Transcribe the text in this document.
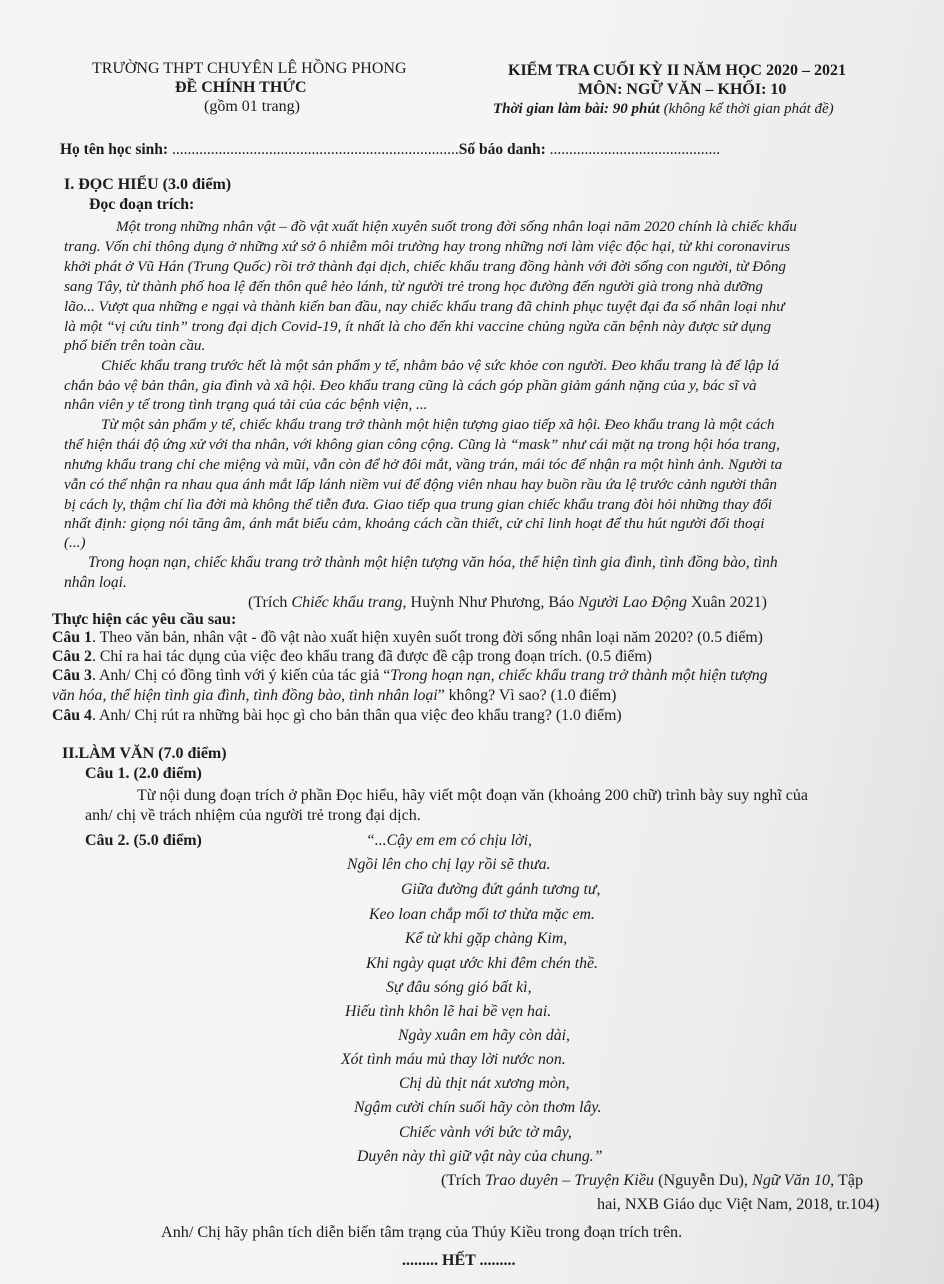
TRƯỜNG THPT CHUYÊN LÊ HỒNG PHONG
ĐỀ CHÍNH THỨC
(gồm 01 trang)
KIỂM TRA CUỐI KỲ II NĂM HỌC 2020 – 2021
MÔN: NGỮ VĂN – KHỐI: 10
Thời gian làm bài: 90 phút (không kể thời gian phát đề)
Họ tên học sinh: ..........................................................................Số báo danh: ............................................
I. ĐỌC HIỂU (3.0 điểm)
Đọc đoạn trích:
Một trong những nhân vật – đồ vật xuất hiện xuyên suốt trong đời sống nhân loại năm 2020 chính là chiếc khẩu
trang. Vốn chỉ thông dụng ở những xứ sở ô nhiễm môi trường hay trong những nơi làm việc độc hại, từ khi coronavirus
khởi phát ở Vũ Hán (Trung Quốc) rồi trở thành đại dịch, chiếc khẩu trang đồng hành với đời sống con người, từ Đông
sang Tây, từ thành phố hoa lệ đến thôn quê hẻo lánh, từ người trẻ trong học đường đến người già trong nhà dưỡng
lão... Vượt qua những e ngại và thành kiến ban đầu, nay chiếc khẩu trang đã chinh phục tuyệt đại đa số nhân loại như
là một “vị cứu tinh” trong đại dịch Covid-19, ít nhất là cho đến khi vaccine chủng ngừa căn bệnh này được sử dụng
phổ biến trên toàn cầu.
Chiếc khẩu trang trước hết là một sản phẩm y tế, nhằm bảo vệ sức khỏe con người. Đeo khẩu trang là để lập lá
chắn bảo vệ bản thân, gia đình và xã hội. Đeo khẩu trang cũng là cách góp phần giảm gánh nặng của y, bác sĩ và
nhân viên y tế trong tình trạng quá tải của các bệnh viện, ...
Từ một sản phẩm y tế, chiếc khẩu trang trở thành một hiện tượng giao tiếp xã hội. Đeo khẩu trang là một cách
thể hiện thái độ ứng xử với tha nhân, với không gian công cộng. Cũng là “mask” như cái mặt nạ trong hội hóa trang,
nhưng khẩu trang chỉ che miệng và mũi, vẫn còn để hở đôi mắt, vầng trán, mái tóc để nhận ra một hình ảnh. Người ta
vẫn có thể nhận ra nhau qua ánh mắt lấp lánh niềm vui để động viên nhau hay buồn rầu ứa lệ trước cảnh người thân
bị cách ly, thậm chí lìa đời mà không thể tiễn đưa. Giao tiếp qua trung gian chiếc khẩu trang đòi hỏi những thay đổi
nhất định: giọng nói tăng âm, ánh mắt biểu cảm, khoảng cách cần thiết, cử chỉ linh hoạt để thu hút người đối thoại
(...)
Trong hoạn nạn, chiếc khẩu trang trở thành một hiện tượng văn hóa, thể hiện tình gia đình, tình đồng bào, tình
nhân loại.
(Trích Chiếc khẩu trang, Huỳnh Như Phương, Báo Người Lao Động Xuân 2021)
Thực hiện các yêu cầu sau:
Câu 1. Theo văn bản, nhân vật - đồ vật nào xuất hiện xuyên suốt trong đời sống nhân loại năm 2020? (0.5 điểm)
Câu 2. Chỉ ra hai tác dụng của việc đeo khẩu trang đã được đề cập trong đoạn trích. (0.5 điểm)
Câu 3. Anh/ Chị có đồng tình với ý kiến của tác giả “Trong hoạn nạn, chiếc khẩu trang trở thành một hiện tượng
văn hóa, thể hiện tình gia đình, tình đồng bào, tình nhân loại” không? Vì sao? (1.0 điểm)
Câu 4. Anh/ Chị rút ra những bài học gì cho bản thân qua việc đeo khẩu trang? (1.0 điểm)
II.LÀM VĂN (7.0 điểm)
Câu 1. (2.0 điểm)
Từ nội dung đoạn trích ở phần Đọc hiểu, hãy viết một đoạn văn (khoảng 200 chữ) trình bày suy nghĩ của
anh/ chị về trách nhiệm của người trẻ trong đại dịch.
Câu 2. (5.0 điểm)	“...Cậy em em có chịu lời,
Ngồi lên cho chị lạy rồi sẽ thưa.
Giữa đường đứt gánh tương tư,
Keo loan chắp mối tơ thừa mặc em.
Kể từ khi gặp chàng Kim,
Khi ngày quạt ước khi đêm chén thề.
Sự đâu sóng gió bất kì,
Hiếu tình khôn lẽ hai bề vẹn hai.
Ngày xuân em hãy còn dài,
Xót tình máu mủ thay lời nước non.
Chị dù thịt nát xương mòn,
Ngậm cười chín suối hãy còn thơm lây.
Chiếc vành với bức tờ mây,
Duyên này thì giữ vật này của chung.”
(Trích Trao duyên – Truyện Kiều (Nguyễn Du), Ngữ Văn 10, Tập
hai, NXB Giáo dục Việt Nam, 2018, tr.104)
Anh/ Chị hãy phân tích diễn biến tâm trạng của Thúy Kiều trong đoạn trích trên.
......... HẾT .........
